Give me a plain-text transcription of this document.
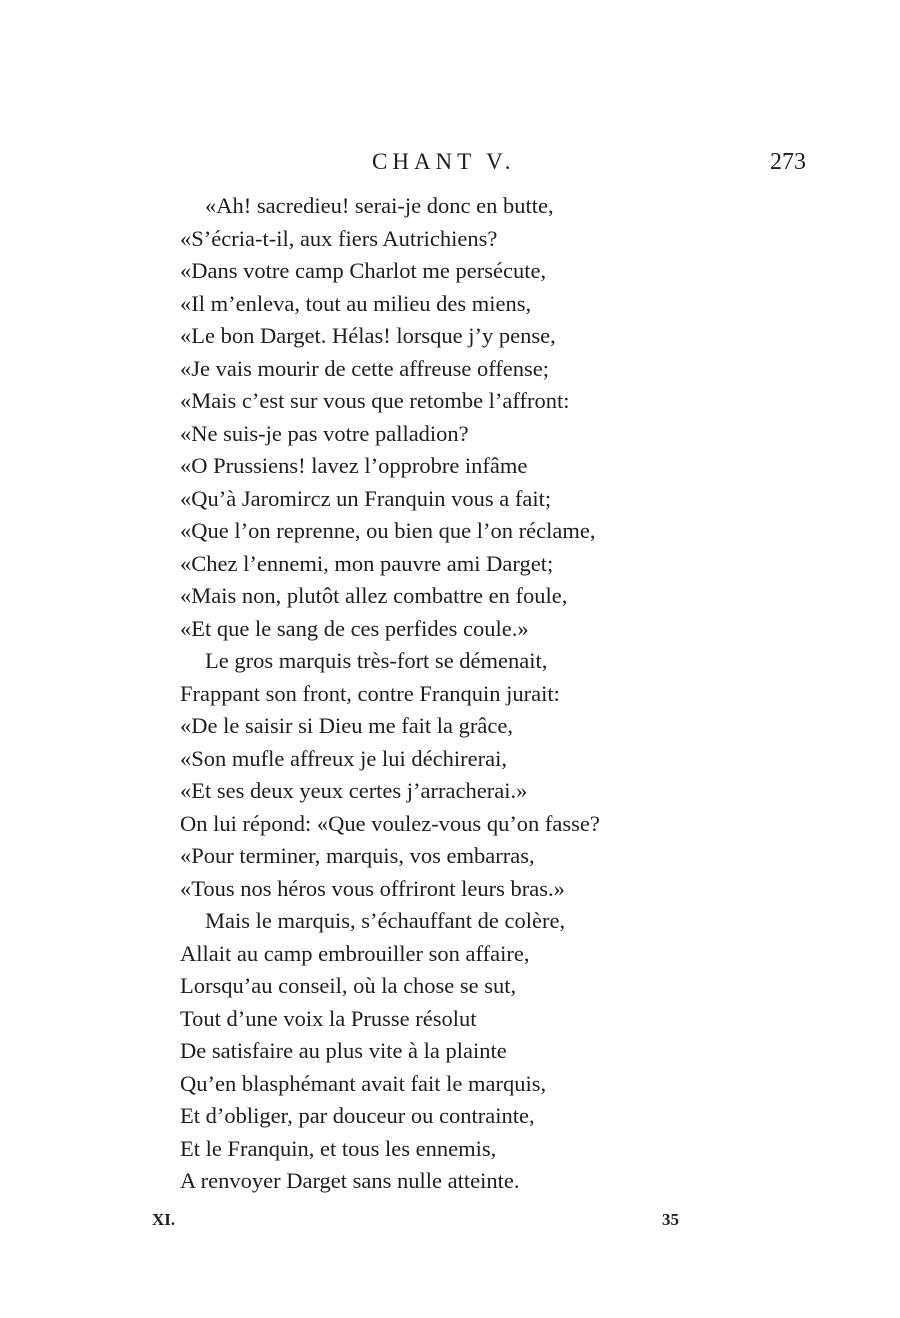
CHANT V.	273
«Ah! sacredieu! serai-je donc en butte,
«S’écria-t-il, aux fiers Autrichiens?
«Dans votre camp Charlot me persécute,
«Il m’enleva, tout au milieu des miens,
«Le bon Darget. Hélas! lorsque j’y pense,
«Je vais mourir de cette affreuse offense;
«Mais c’est sur vous que retombe l’affront:
«Ne suis-je pas votre palladion?
«O Prussiens! lavez l’opprobre infâme
«Qu’à Jaromircz un Franquin vous a fait;
«Que l’on reprenne, ou bien que l’on réclame,
«Chez l’ennemi, mon pauvre ami Darget;
«Mais non, plutôt allez combattre en foule,
«Et que le sang de ces perfides coule.»
Le gros marquis très-fort se démenait,
Frappant son front, contre Franquin jurait:
«De le saisir si Dieu me fait la grâce,
«Son mufle affreux je lui déchirerai,
«Et ses deux yeux certes j’arracherai.»
On lui répond: «Que voulez-vous qu’on fasse?
«Pour terminer, marquis, vos embarras,
«Tous nos héros vous offriront leurs bras.»
Mais le marquis, s’échauffant de colère,
Allait au camp embrouiller son affaire,
Lorsqu’au conseil, où la chose se sut,
Tout d’une voix la Prusse résolut
De satisfaire au plus vite à la plainte
Qu’en blasphémant avait fait le marquis,
Et d’obliger, par douceur ou contrainte,
Et le Franquin, et tous les ennemis,
A renvoyer Darget sans nulle atteinte.
XI.	35
